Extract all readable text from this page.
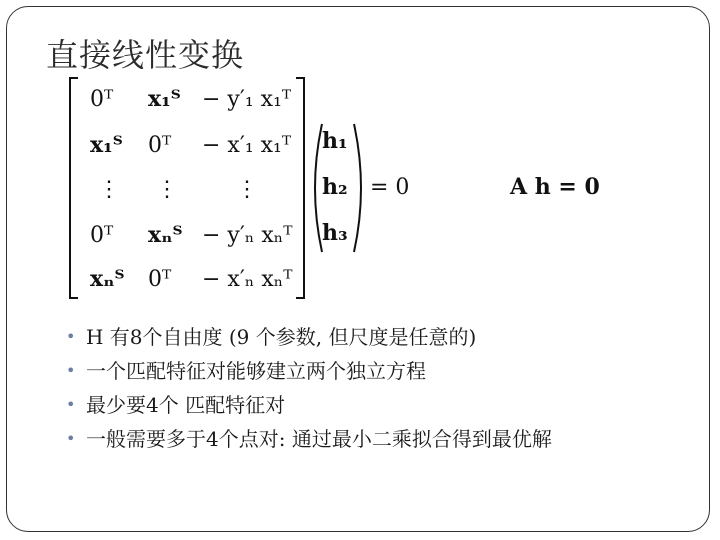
直接线性变换
0ᵀ x₁ᵀ − y′₁ x₁ᵀ
x₁ᵀ 0ᵀ − x′₁ x₁ᵀ
⋮ ⋮	⋮
0ᵀ xₙᵀ − y′ₙ xₙᵀ
xₙᵀ 0ᵀ − x′ₙ xₙᵀ
h₁
h₂
h₃
= 0	A h = 0
• H 有8个自由度 (9 个参数, 但尺度是任意的)
• 一个匹配特征对能够建立两个独立方程
• 最少要4个 匹配特征对
• 一般需要多于4个点对: 通过最小二乘拟合得到最优解
